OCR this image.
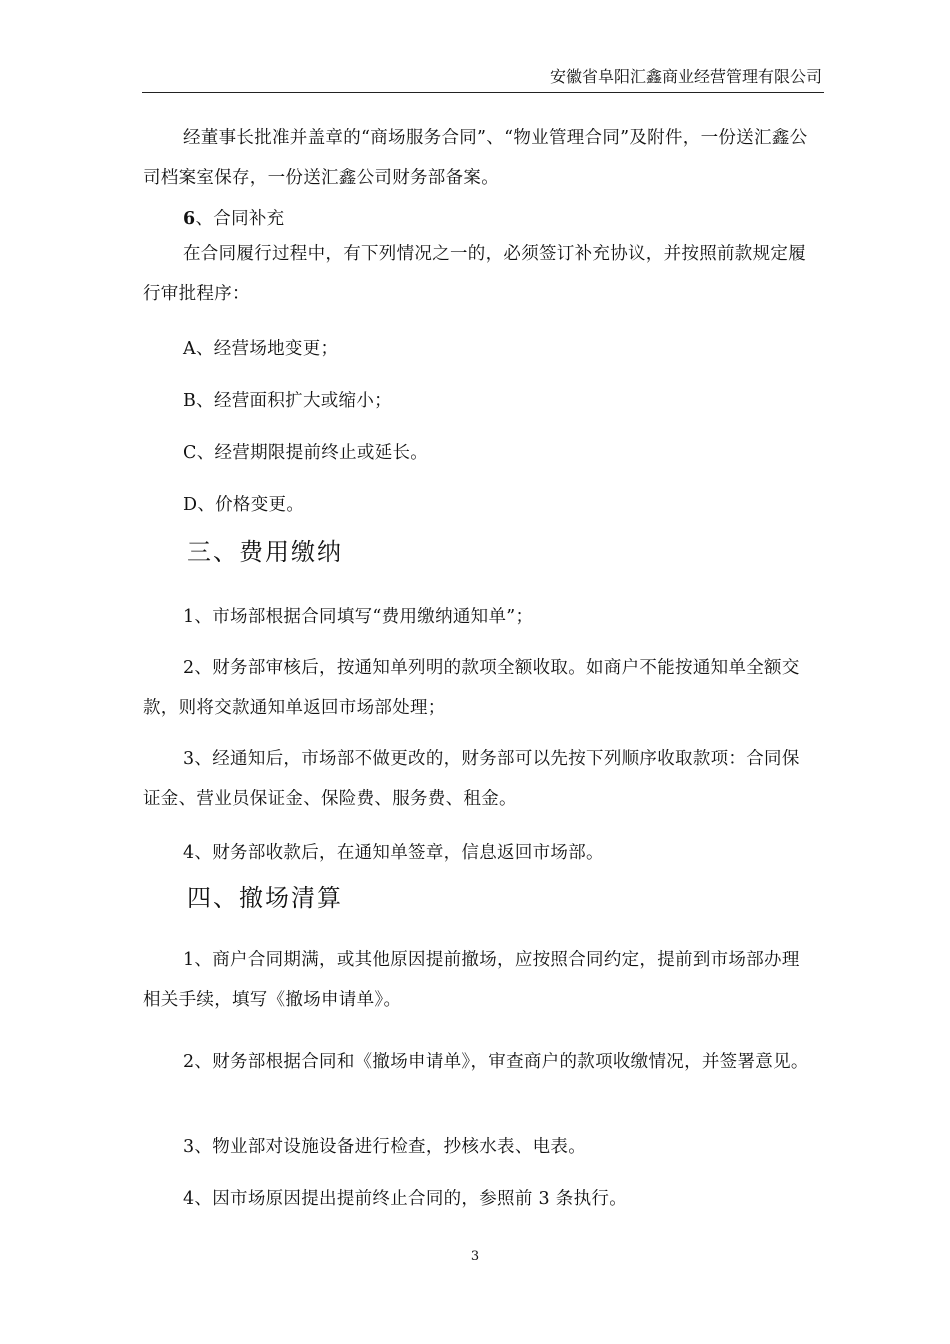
安徽省阜阳汇鑫商业经营管理有限公司
经董事长批准并盖章的“商场服务合同”、“物业管理合同”及附件，一份送汇鑫公司档案室保存，一份送汇鑫公司财务部备案。
6、合同补充
在合同履行过程中，有下列情况之一的，必须签订补充协议，并按照前款规定履行审批程序：
A、经营场地变更；
B、经营面积扩大或缩小；
C、经营期限提前终止或延长。
D、价格变更。
三、费用缴纳
1、市场部根据合同填写“费用缴纳通知单”；
2、财务部审核后，按通知单列明的款项全额收取。如商户不能按通知单全额交款，则将交款通知单返回市场部处理；
3、经通知后，市场部不做更改的，财务部可以先按下列顺序收取款项：合同保证金、营业员保证金、保险费、服务费、租金。
4、财务部收款后，在通知单签章，信息返回市场部。
四、撤场清算
1、商户合同期满，或其他原因提前撤场，应按照合同约定，提前到市场部办理相关手续，填写《撤场申请单》。
2、财务部根据合同和《撤场申请单》，审查商户的款项收缴情况，并签署意见。
3、物业部对设施设备进行检查，抄核水表、电表。
4、因市场原因提出提前终止合同的，参照前 3 条执行。
3
